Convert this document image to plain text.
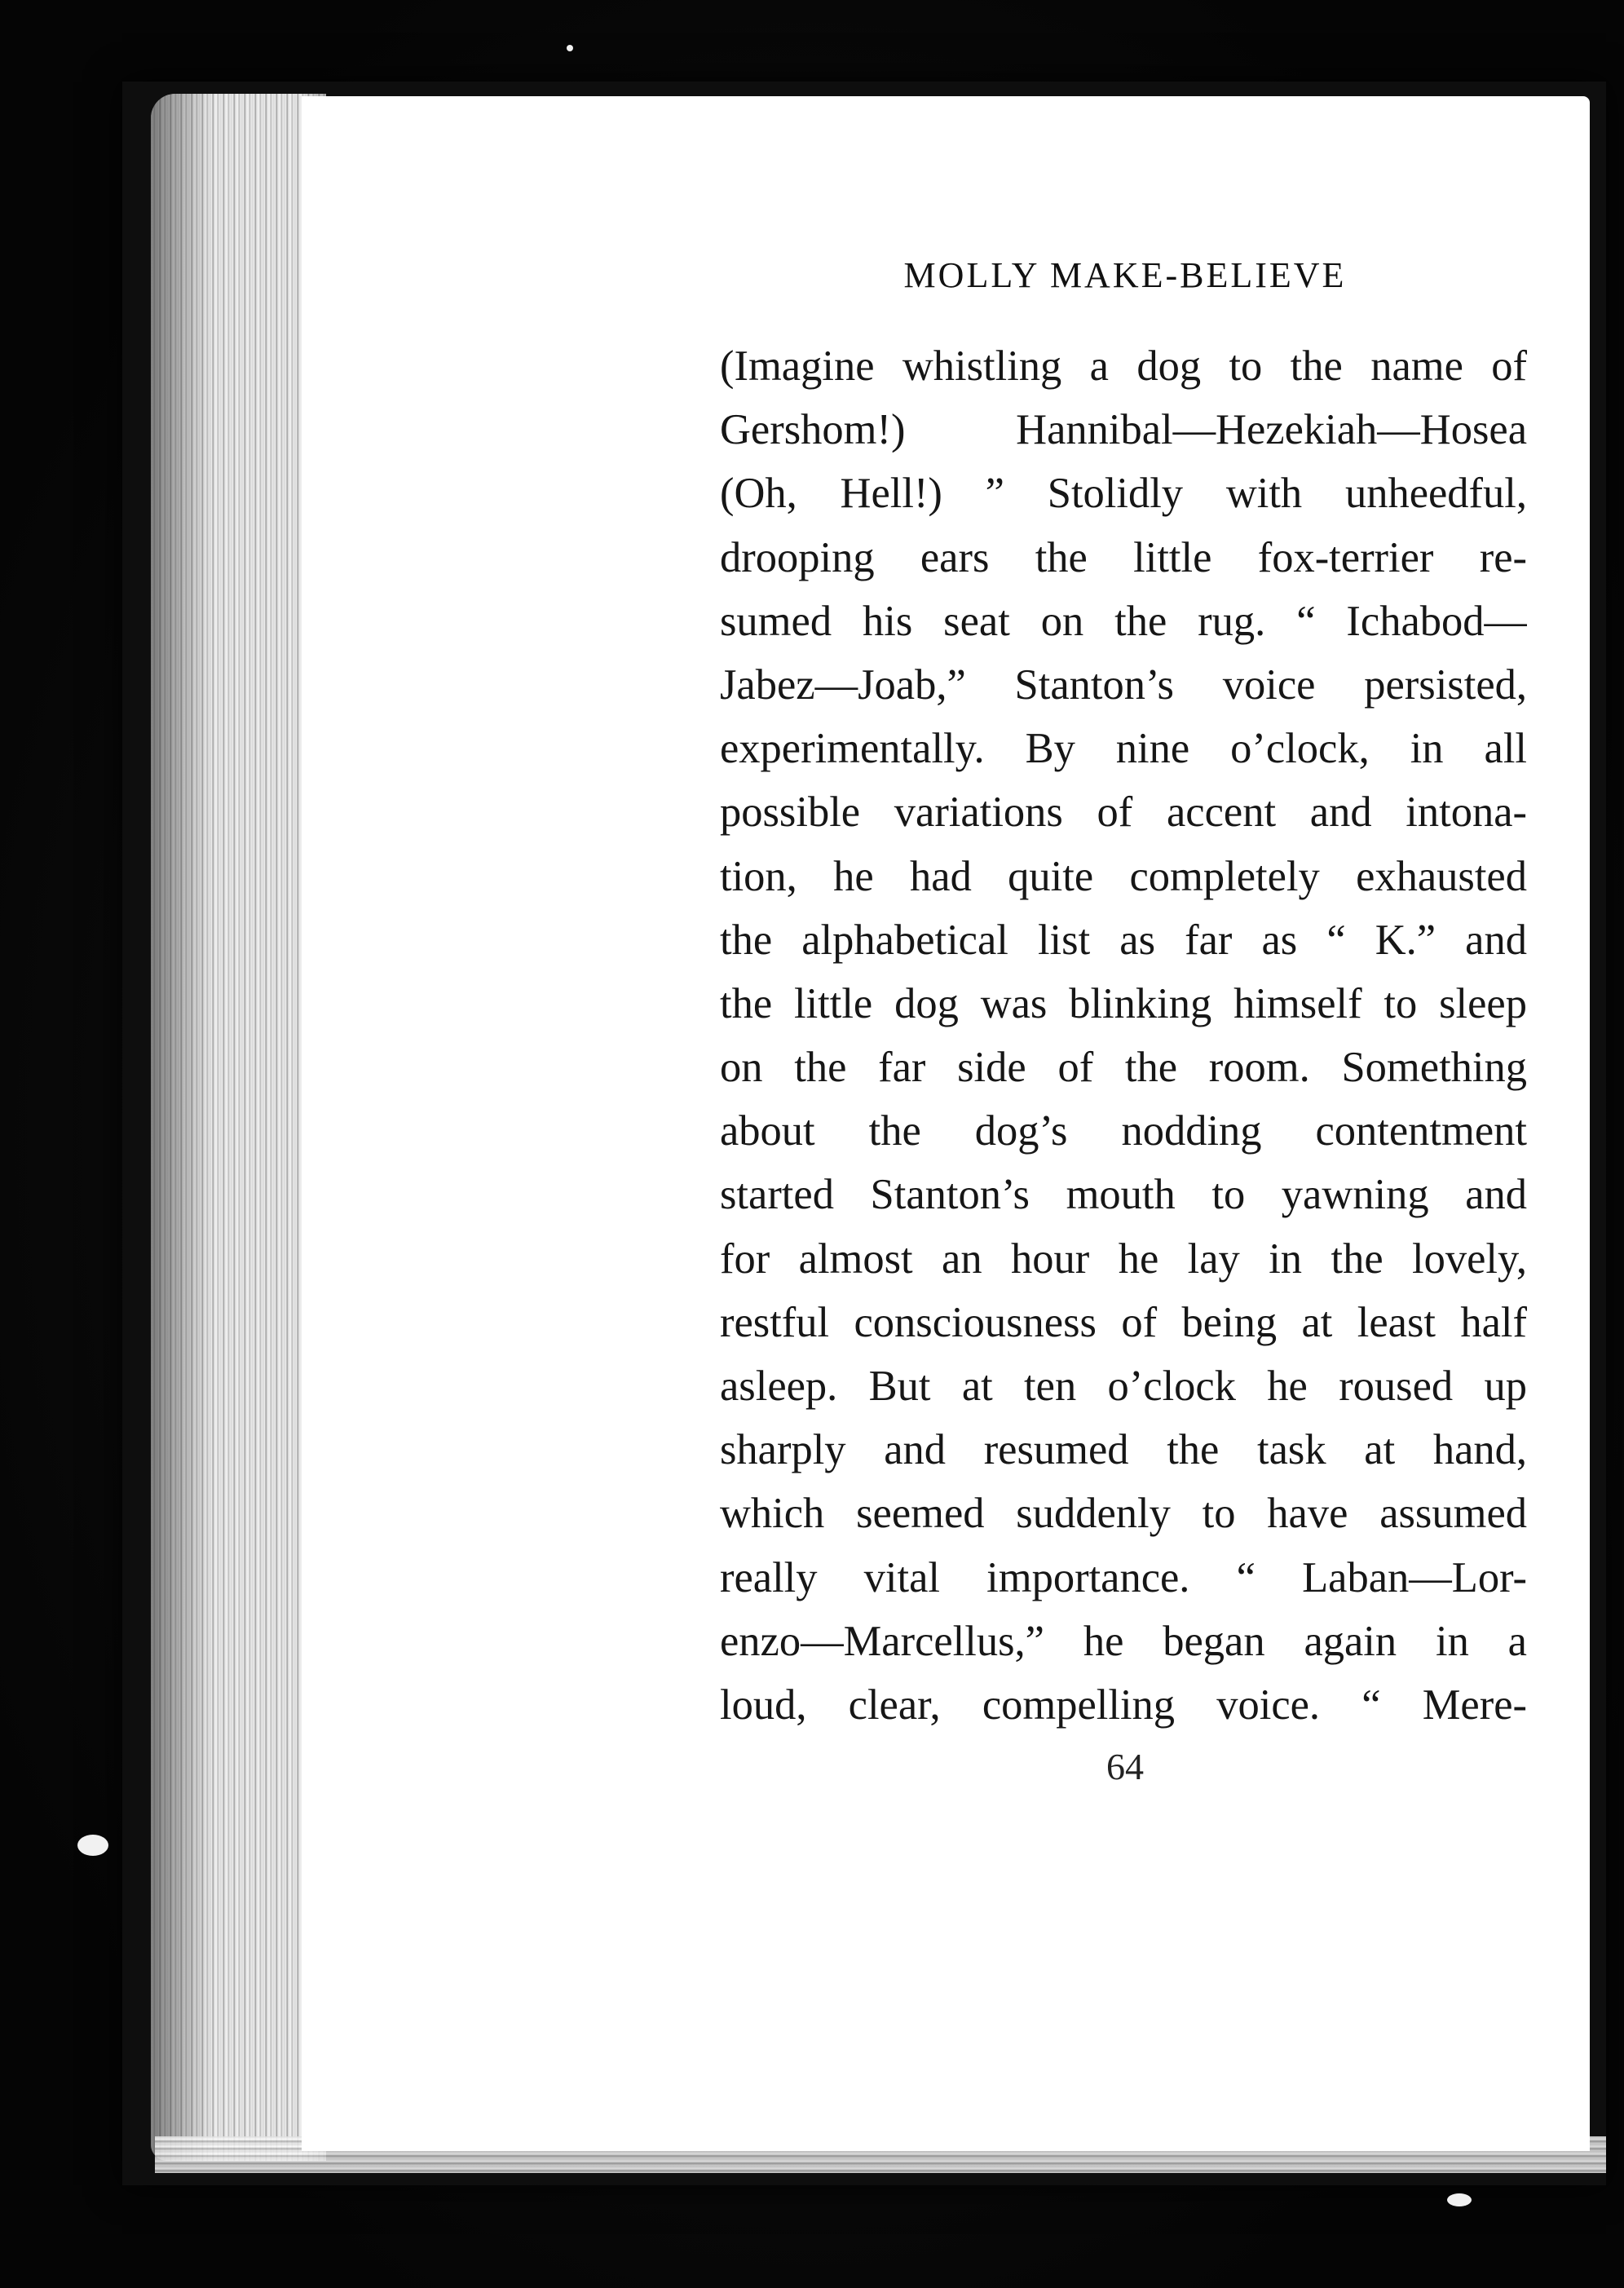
MOLLY MAKE-BELIEVE
(Imagine whistling a dog to the name of
Gershom!) Hannibal—Hezekiah—Hosea
(Oh, Hell!) ” Stolidly with unheedful,
drooping ears the little fox-terrier re-
sumed his seat on the rug. “ Ichabod—
Jabez—Joab,” Stanton’s voice persisted,
experimentally. By nine o’clock, in all
possible variations of accent and intona-
tion, he had quite completely exhausted
the alphabetical list as far as “ K.” and
the little dog was blinking himself to sleep
on the far side of the room. Something
about the dog’s nodding contentment
started Stanton’s mouth to yawning and
for almost an hour he lay in the lovely,
restful consciousness of being at least half
asleep. But at ten o’clock he roused up
sharply and resumed the task at hand,
which seemed suddenly to have assumed
really vital importance. “ Laban—Lor-
enzo—Marcellus,” he began again in a
loud, clear, compelling voice. “ Mere-
64
